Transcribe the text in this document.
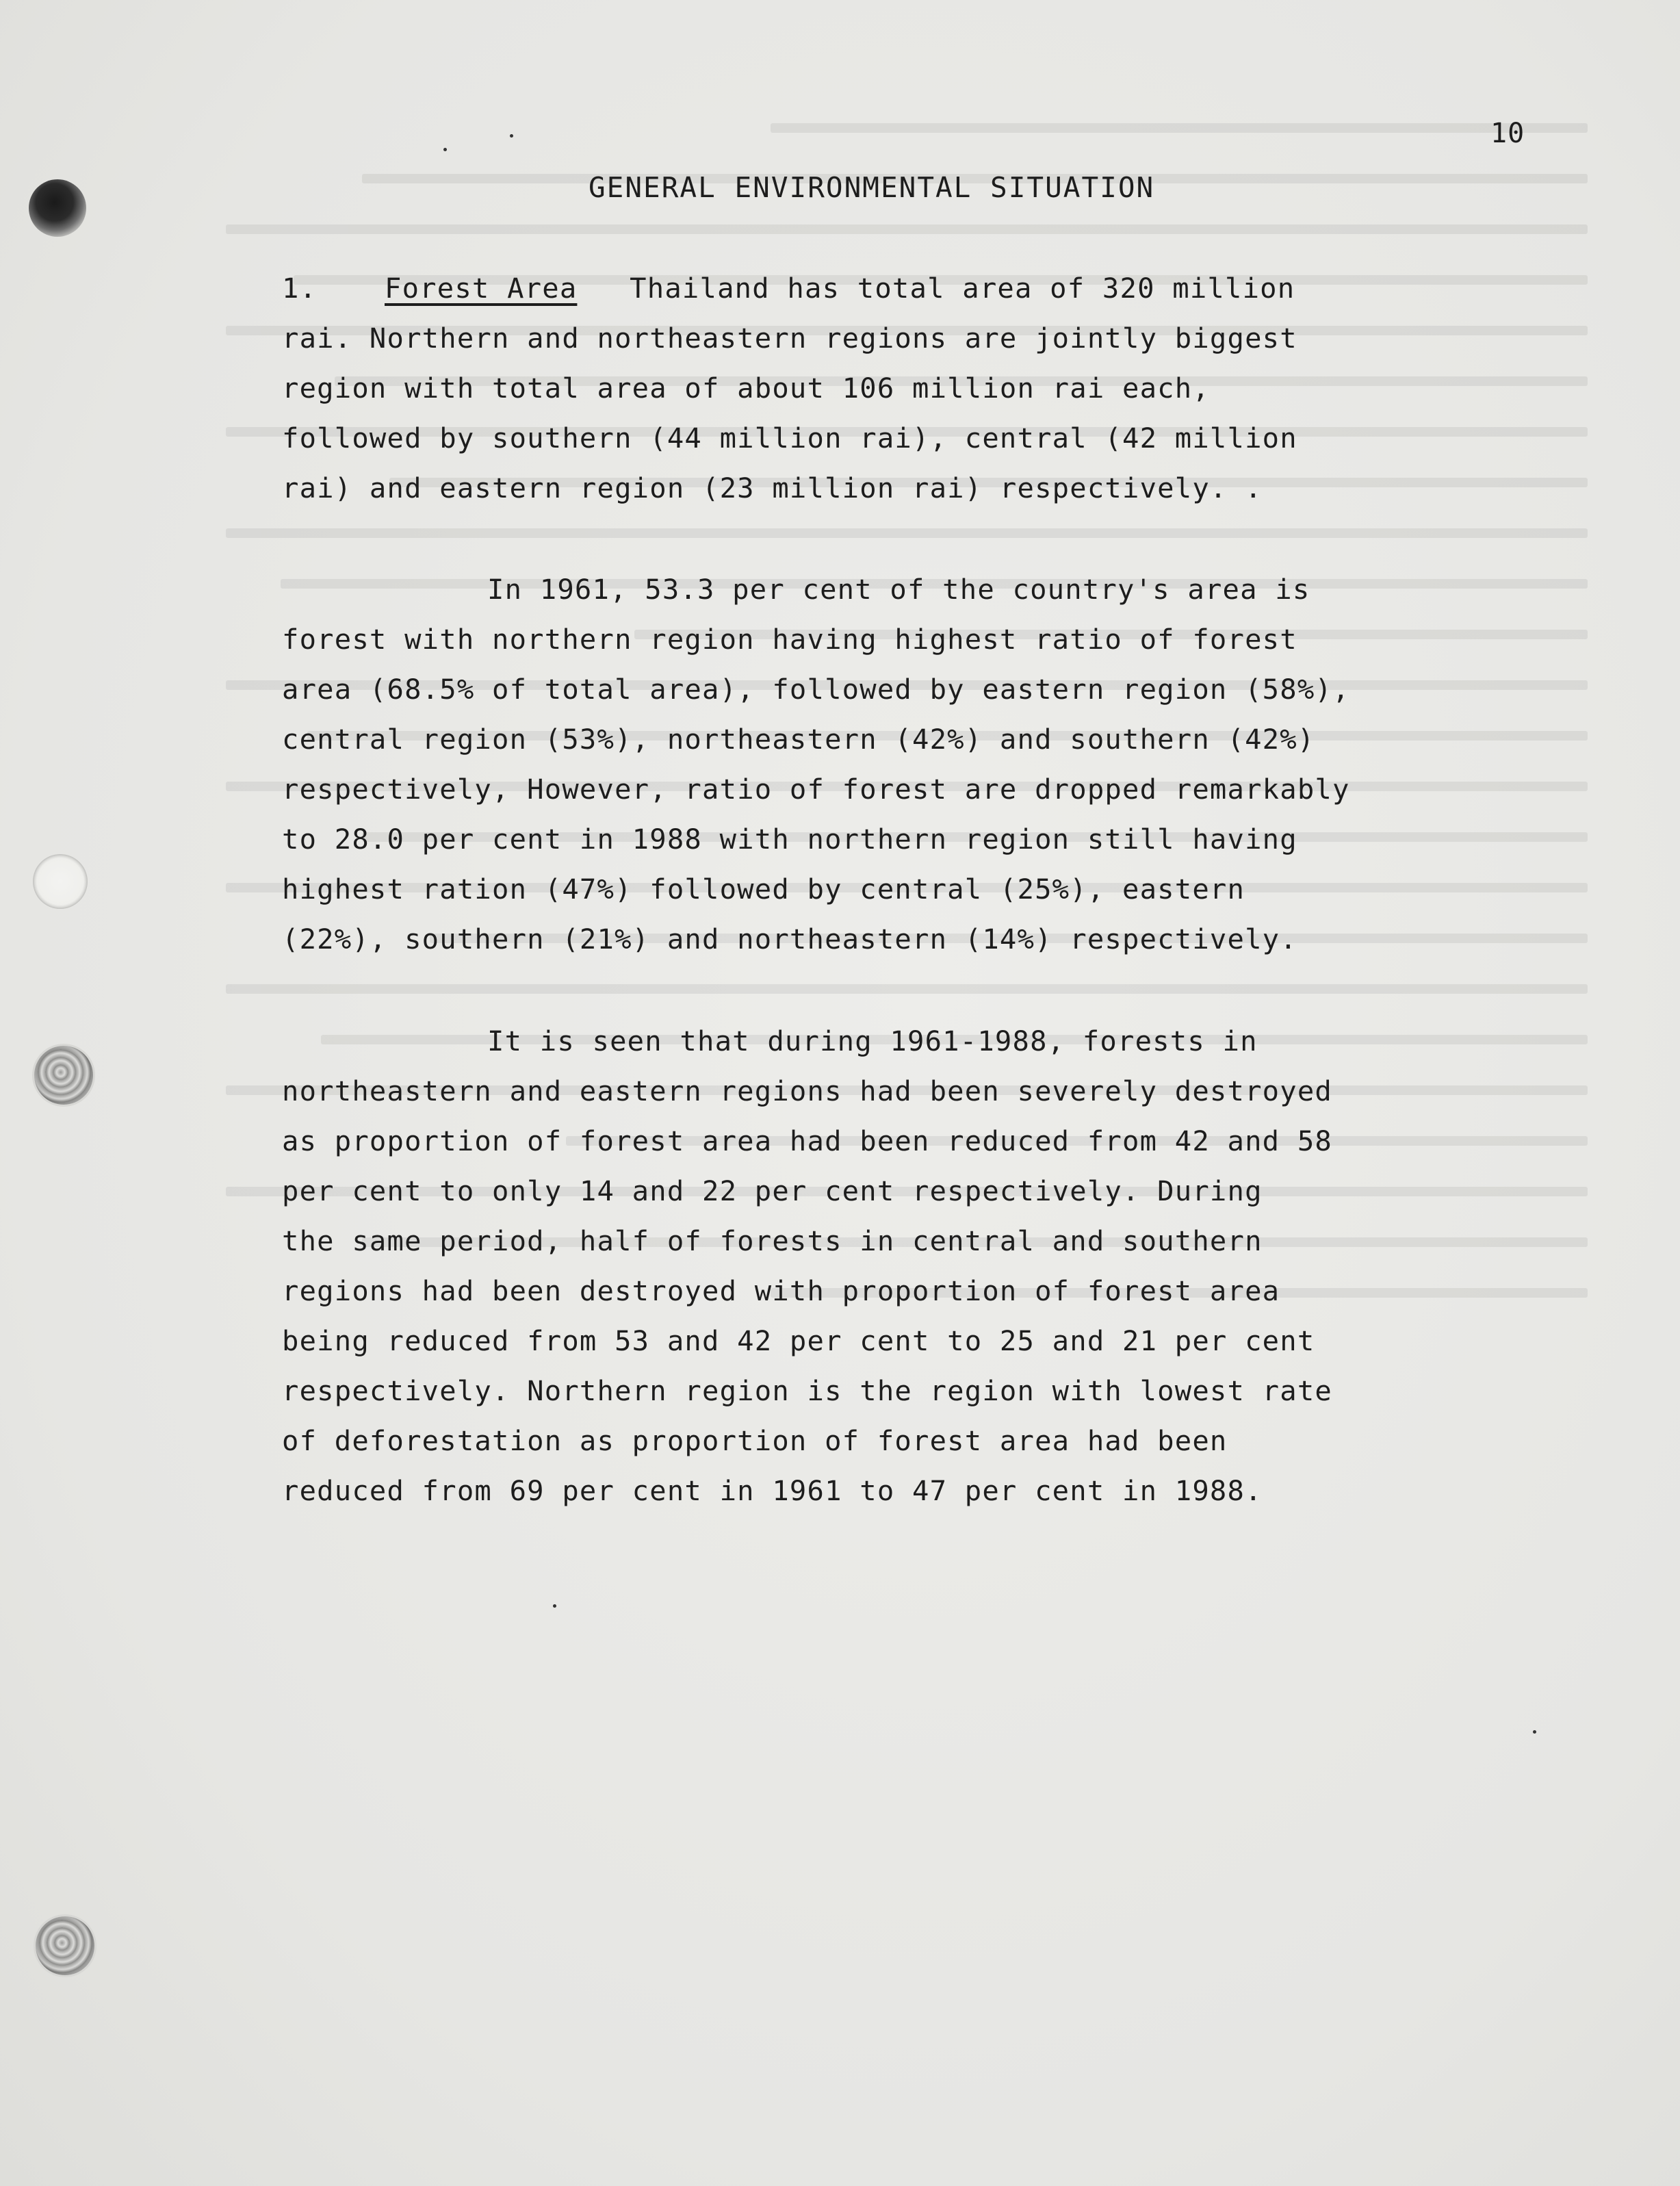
10
GENERAL ENVIRONMENTAL SITUATION
1. Forest Area Thailand has total area of 320 million
rai. Northern and northeastern regions are jointly biggest
region with total area of about 106 million rai each,
followed by southern (44 million rai), central (42 million
rai) and eastern region (23 million rai) respectively. .
In 1961, 53.3 per cent of the country's area is
forest with northern region having highest ratio of forest
area (68.5% of total area), followed by eastern region (58%),
central region (53%), northeastern (42%) and southern (42%)
respectively, However, ratio of forest are dropped remarkably
to 28.0 per cent in 1988 with northern region still having
highest ration (47%) followed by central (25%), eastern
(22%), southern (21%) and northeastern (14%) respectively.
It is seen that during 1961-1988, forests in
northeastern and eastern regions had been severely destroyed
as proportion of forest area had been reduced from 42 and 58
per cent to only 14 and 22 per cent respectively. During
the same period, half of forests in central and southern
regions had been destroyed with proportion of forest area
being reduced from 53 and 42 per cent to 25 and 21 per cent
respectively. Northern region is the region with lowest rate
of deforestation as proportion of forest area had been
reduced from 69 per cent in 1961 to 47 per cent in 1988.
